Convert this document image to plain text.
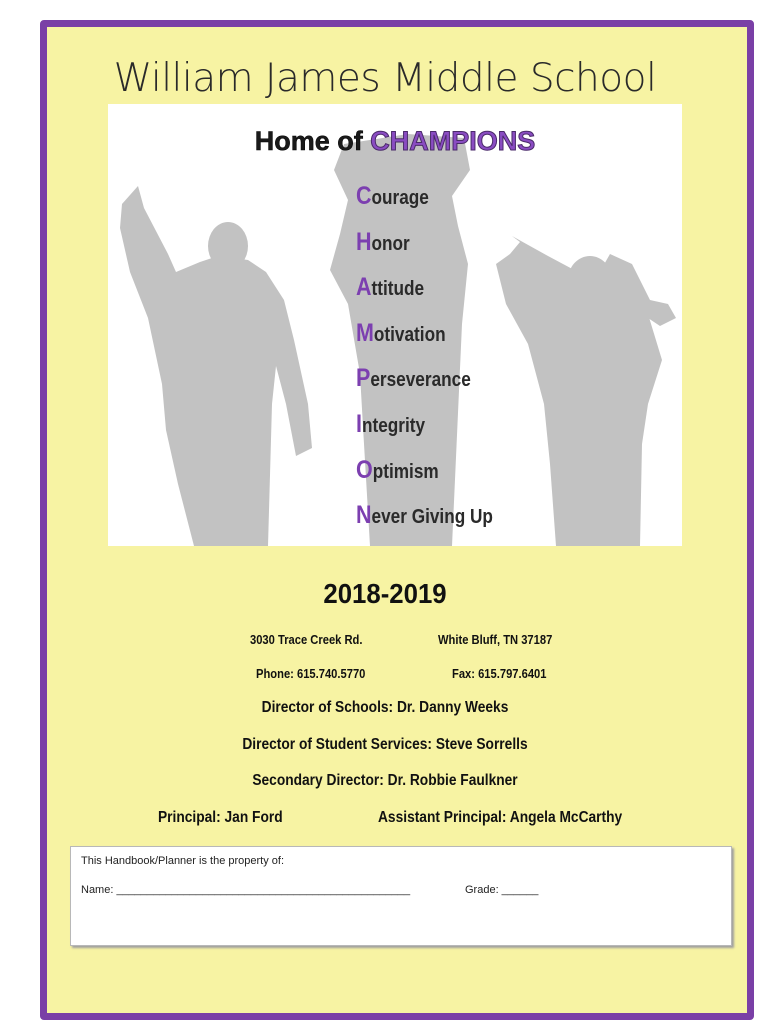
William James Middle School
Home of CHAMPIONS
Courage
Honor
Attitude
Motivation
Perseverance
Integrity
Optimism
Never Giving Up
2018-2019
3030 Trace Creek Rd.	White Bluff, TN 37187
Phone: 615.740.5770	Fax: 615.797.6401
Director of Schools: Dr. Danny Weeks
Director of Student Services: Steve Sorrells
Secondary Director: Dr. Robbie Faulkner
Principal: Jan Ford	Assistant Principal: Angela McCarthy
This Handbook/Planner is the property of:
Name: ________________________________________________	Grade: ______
